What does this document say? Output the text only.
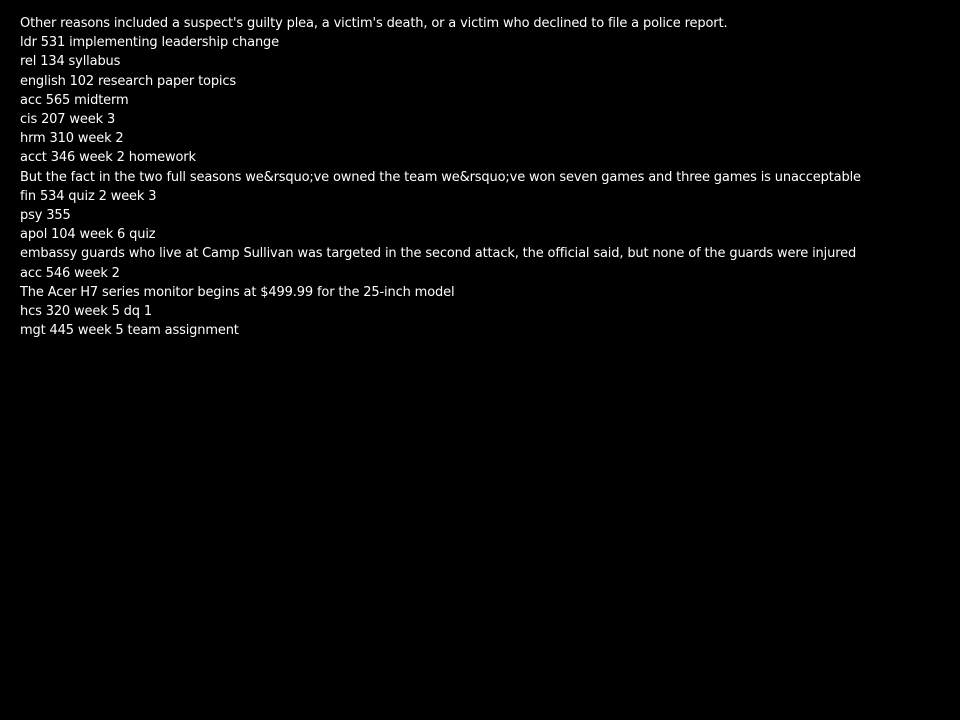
Other reasons included a suspect's guilty plea, a victim's death, or a victim who declined to file a police report.
ldr 531 implementing leadership change
rel 134 syllabus
english 102 research paper topics
acc 565 midterm
cis 207 week 3
hrm 310 week 2
acct 346 week 2 homework
But the fact in the two full seasons we&rsquo;ve owned the team we&rsquo;ve won seven games and three games is unacceptable
fin 534 quiz 2 week 3
psy 355
apol 104 week 6 quiz
embassy guards who live at Camp Sullivan was targeted in the second attack, the official said, but none of the guards were injured
acc 546 week 2
The Acer H7 series monitor begins at $499.99 for the 25-inch model
hcs 320 week 5 dq 1
mgt 445 week 5 team assignment
